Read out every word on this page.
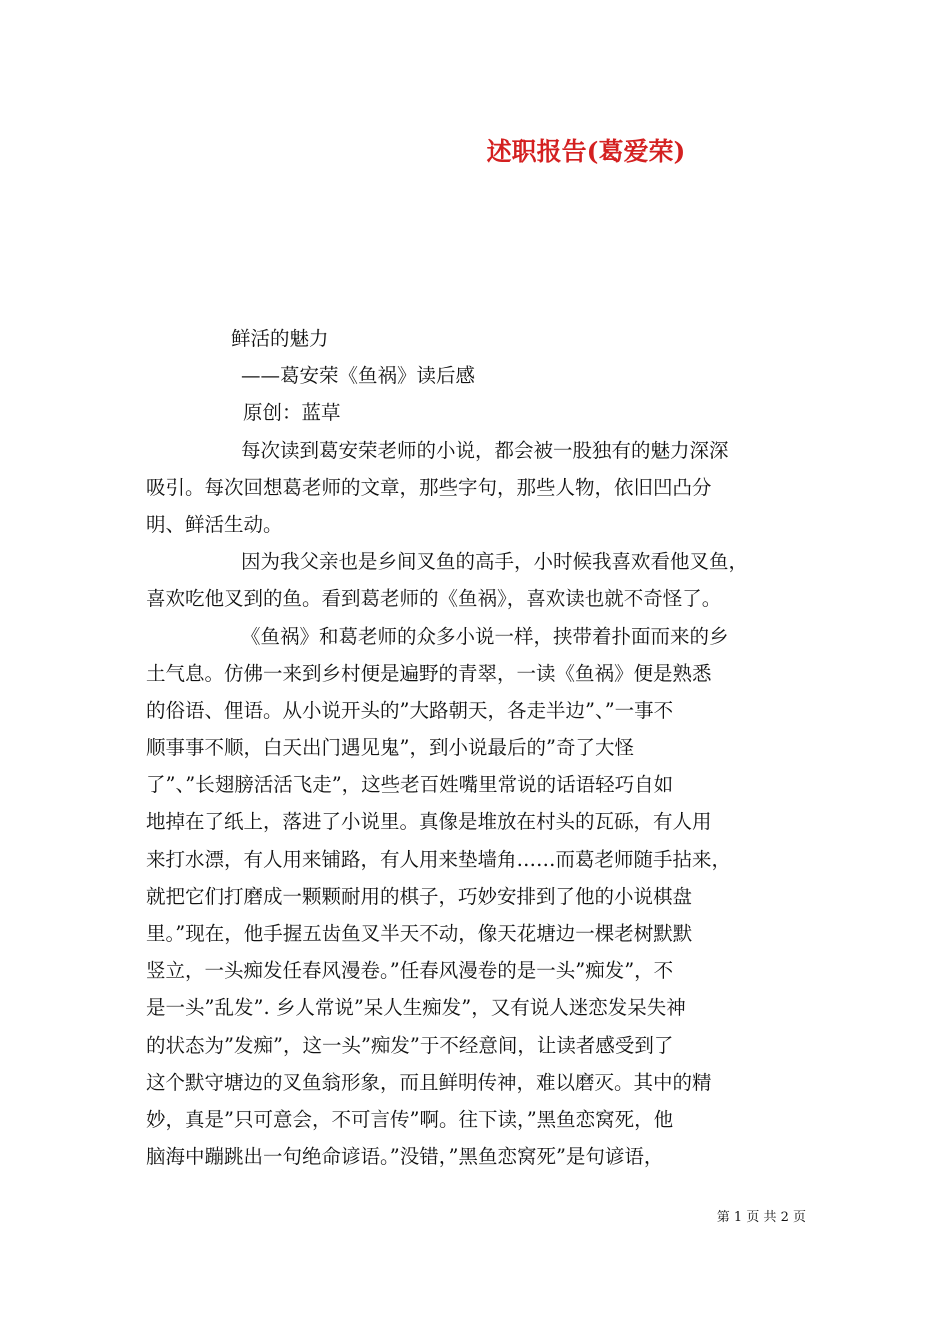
述职报告(葛爱荣)
鲜活的魅力
——葛安荣《鱼祸》读后感
原创：蓝草
每次读到葛安荣老师的小说，都会被一股独有的魅力深深
吸引。每次回想葛老师的文章，那些字句，那些人物，依旧凹凸分
明、鲜活生动。
因为我父亲也是乡间叉鱼的高手，小时候我喜欢看他叉鱼，
喜欢吃他叉到的鱼。看到葛老师的《鱼祸》，喜欢读也就不奇怪了。
《鱼祸》和葛老师的众多小说一样，挟带着扑面而来的乡
土气息。仿佛一来到乡村便是遍野的青翠，一读《鱼祸》便是熟悉
的俗语、俚语。从小说开头的”大路朝天，各走半边”、”一事不
顺事事不顺，白天出门遇见鬼”，到小说最后的”奇了大怪
了”、”长翅膀活活飞走”，这些老百姓嘴里常说的话语轻巧自如
地掉在了纸上，落进了小说里。真像是堆放在村头的瓦砾，有人用
来打水漂，有人用来铺路，有人用来垫墙角……而葛老师随手拈来，
就把它们打磨成一颗颗耐用的棋子，巧妙安排到了他的小说棋盘
里。”现在，他手握五齿鱼叉半天不动，像天花塘边一棵老树默默
竖立，一头痴发任春风漫卷。”任春风漫卷的是一头”痴发”，不
是一头”乱发”. 乡人常说”呆人生痴发”，又有说人迷恋发呆失神
的状态为”发痴”，这一头”痴发”于不经意间，让读者感受到了
这个默守塘边的叉鱼翁形象，而且鲜明传神，难以磨灭。其中的精
妙，真是”只可意会，不可言传”啊。往下读，”黑鱼恋窝死，他
脑海中蹦跳出一句绝命谚语。”没错，”黑鱼恋窝死”是句谚语，
第 1 页 共 2 页
